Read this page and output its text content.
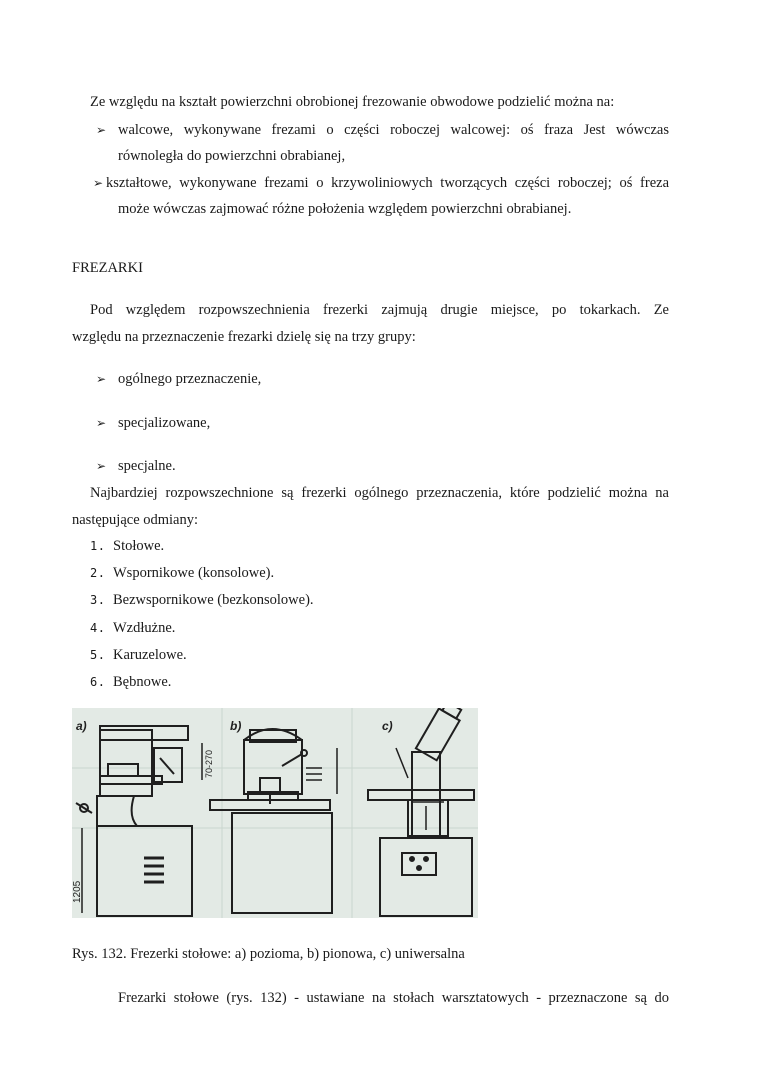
Ze względu na kształt powierzchni obrobionej frezowanie obwodowe podzielić można na:
➢ walcowe, wykonywane frezami o części roboczej walcowej: oś fraza Jest wówczas
równoległa do powierzchni obrabianej,
➢ kształtowe, wykonywane frezami o krzywoliniowych tworzących części roboczej; oś freza
może wówczas zajmować różne położenia względem powierzchni obrabianej.
FREZARKI
Pod względem rozpowszechnienia frezerki zajmują drugie miejsce, po tokarkach. Ze
względu na przeznaczenie frezarki dzielę się na trzy grupy:
➢ ogólnego przeznaczenie,
➢ specjalizowane,
➢ specjalne.
Najbardziej rozpowszechnione są frezerki ogólnego przeznaczenia, które podzielić można na
następujące odmiany:
1. Stołowe.
2. Wspornikowe (konsolowe).
3. Bezwspornikowe (bezkonsolowe).
4. Wzdłużne.
5. Karuzelowe.
6. Bębnowe.
a)
70-270
1205
b)	c)
Rys. 132. Frezerki stołowe: a) pozioma, b) pionowa, c) uniwersalna
Frezarki stołowe (rys. 132) - ustawiane na stołach warsztatowych - przeznaczone są do
